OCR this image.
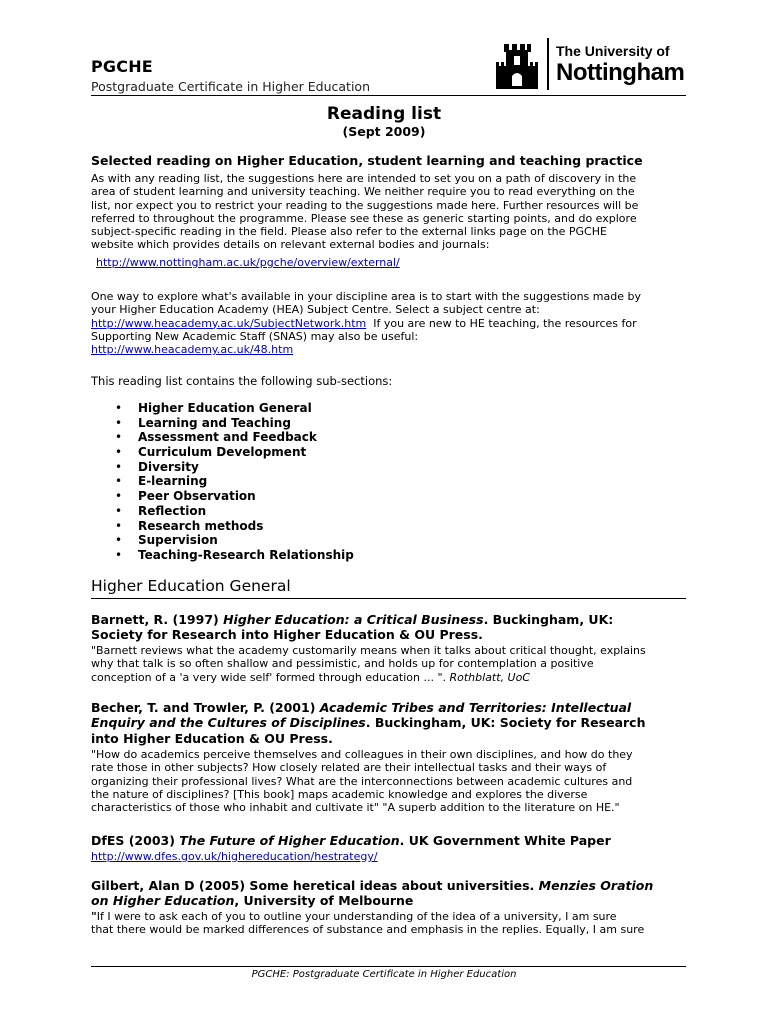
PGCHE
Postgraduate Certificate in Higher Education
The University of
Nottingham
Reading list
(Sept 2009)
Selected reading on Higher Education, student learning and teaching practice
As with any reading list, the suggestions here are intended to set you on a path of discovery in the
area of student learning and university teaching. We neither require you to read everything on the
list, nor expect you to restrict your reading to the suggestions made here. Further resources will be
referred to throughout the programme. Please see these as generic starting points, and do explore
subject-specific reading in the field. Please also refer to the external links page on the PGCHE
website which provides details on relevant external bodies and journals:
http://www.nottingham.ac.uk/pgche/overview/external/
One way to explore what's available in your discipline area is to start with the suggestions made by
your Higher Education Academy (HEA) Subject Centre. Select a subject centre at:
http://www.heacademy.ac.uk/SubjectNetwork.htm  If you are new to HE teaching, the resources for
Supporting New Academic Staff (SNAS) may also be useful:
http://www.heacademy.ac.uk/48.htm
This reading list contains the following sub-sections:
• Higher Education General
• Learning and Teaching
• Assessment and Feedback
• Curriculum Development
• Diversity
• E-learning
• Peer Observation
• Reflection
• Research methods
• Supervision
• Teaching-Research Relationship
Higher Education General
Barnett, R. (1997) Higher Education: a Critical Business. Buckingham, UK:
Society for Research into Higher Education & OU Press.
"Barnett reviews what the academy customarily means when it talks about critical thought, explains
why that talk is so often shallow and pessimistic, and holds up for contemplation a positive
conception of a 'a very wide self' formed through education ... ". Rothblatt, UoC
Becher, T. and Trowler, P. (2001) Academic Tribes and Territories: Intellectual
Enquiry and the Cultures of Disciplines. Buckingham, UK: Society for Research
into Higher Education & OU Press.
"How do academics perceive themselves and colleagues in their own disciplines, and how do they
rate those in other subjects? How closely related are their intellectual tasks and their ways of
organizing their professional lives? What are the interconnections between academic cultures and
the nature of disciplines? [This book] maps academic knowledge and explores the diverse
characteristics of those who inhabit and cultivate it" "A superb addition to the literature on HE."
DfES (2003) The Future of Higher Education. UK Government White Paper
http://www.dfes.gov.uk/highereducation/hestrategy/
Gilbert, Alan D (2005) Some heretical ideas about universities. Menzies Oration
on Higher Education, University of Melbourne
"If I were to ask each of you to outline your understanding of the idea of a university, I am sure
that there would be marked differences of substance and emphasis in the replies. Equally, I am sure
PGCHE: Postgraduate Certificate in Higher Education
